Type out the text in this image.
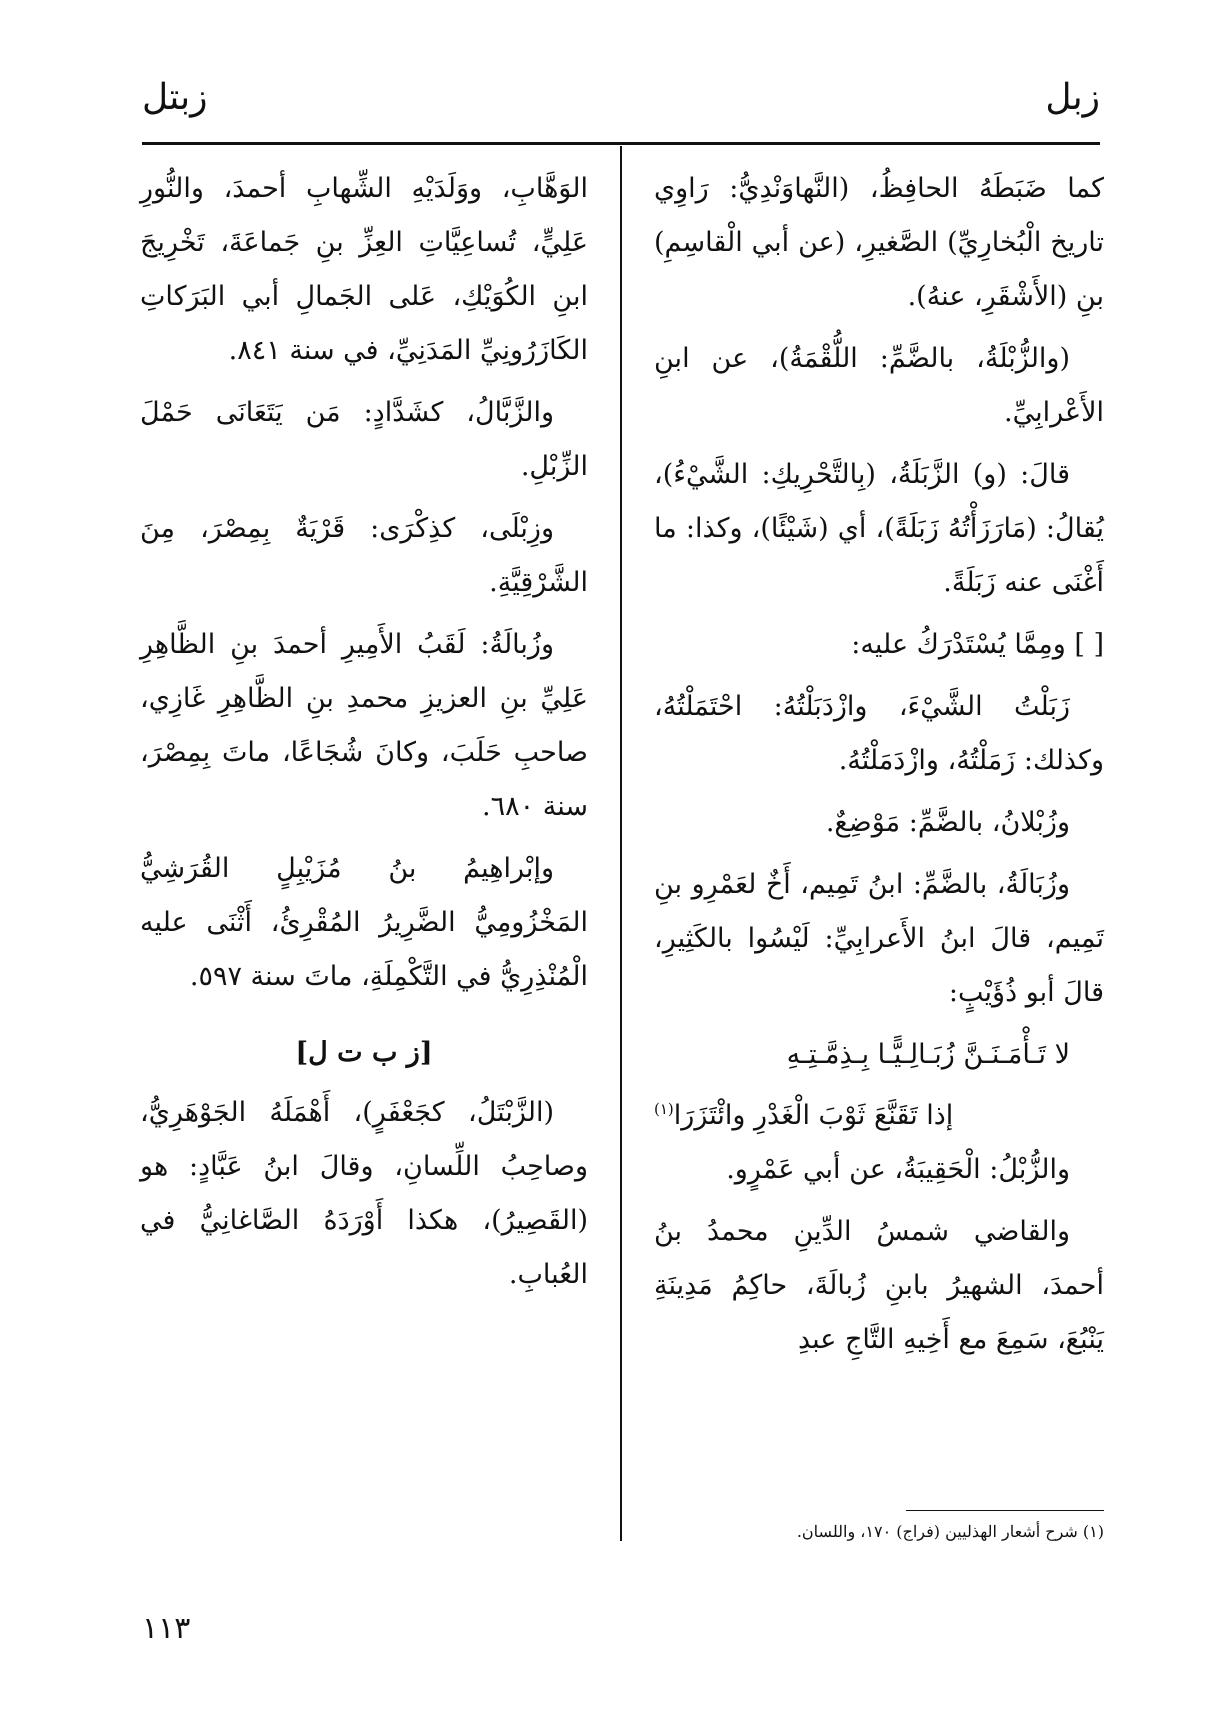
زبل
زبتل

كما ضَبَطَهُ الحافِظُ، (النَّهاوَنْدِيُّ: رَاوِي تاريخ الْبُخارِيِّ) الصَّغيرِ، (عن أبي الْقاسِمِ) بنِ (الأَشْقَرِ، عنهُ).

(والزُّبْلَةُ، بالضَّمِّ: اللُّقْمَةُ)، عن ابنِ الأَعْرابِيِّ.

قالَ: (و) الزَّبَلَةُ، (بِالتَّحْرِيكِ: الشَّيْءُ)، يُقالُ: (مَارَزَأْتُهُ زَبَلَةً)، أي (شَيْئًا)، وكذا: ما أَغْنَى عنه زَبَلَةً.

[ ] ومِمَّا يُسْتَدْرَكُ عليه:

زَبَلْتُ الشَّيْءَ، وازْدَبَلْتُهُ: احْتَمَلْتُهُ، وكذلك: زَمَلْتُهُ، وازْدَمَلْتُهُ.

وزُبْلانُ، بالضَّمِّ: مَوْضِعٌ.

وزُبَالَةُ، بالضَّمِّ: ابنُ تَمِيم، أَخٌ لعَمْرِو بنِ تَمِيم، قالَ ابنُ الأَعرابِيِّ: لَيْسُوا بالكَثِيرِ، قالَ أبو ذُؤَيْبٍ:

لا تَـأْمَـنَـنَّ زُبَـالِـيًّـا بِـذِمَّـتِـهِ

إذا تَقَنَّعَ ثَوْبَ الْغَدْرِ وائْتَزَرَا$^{(١)}$

والزُّبْلُ: الْحَقِيبَةُ، عن أبي عَمْرٍو.

والقاضي شمسُ الدِّينِ محمدُ بنُ أحمدَ، الشهيرُ بابنِ زُبالَةَ، حاكِمُ مَدِينَةِ يَنْبُعَ، سَمِعَ مع أَخِيهِ التَّاجِ عبدِ

الوَهَّابِ، ووَلَدَيْهِ الشِّهابِ أحمدَ، والنُّورِ عَلِيٍّ، تُساعِيَّاتِ العِزِّ بنِ جَماعَةَ، تَخْرِيجَ ابنِ الكُوَيْكِ، عَلى الجَمالِ أبي البَرَكاتِ الكَازَرُونِيِّ المَدَنِيِّ، في سنة ٨٤١.

والزَّبَّالُ، كشَدَّادٍ: مَن يَتَعَانَى حَمْلَ الزِّبْلِ.

وزِبْلَى، كذِكْرَى: قَرْيَةٌ بِمِصْرَ، مِنَ الشَّرْقِيَّةِ.

وزُبالَةُ: لَقَبُ الأَمِيرِ أحمدَ بنِ الظَّاهِرِ عَلِيِّ بنِ العزيزِ محمدِ بنِ الظَّاهِرِ غَازِي، صاحبِ حَلَبَ، وكانَ شُجَاعًا، ماتَ بِمِصْرَ، سنة ٦٨٠.

وإبْراهِيمُ بنُ مُزَيْبِلٍ القُرَشِيُّ المَخْزُومِيُّ الضَّرِيرُ المُقْرِئُ، أَثْنَى عليه الْمُنْذِرِيُّ في التَّكْمِلَةِ، ماتَ سنة ٥٩٧.

[ز ب ت ل]

(الزَّبْتَلُ، كجَعْفَرٍ)، أَهْمَلَهُ الجَوْهَرِيُّ، وصاحِبُ اللِّسانِ، وقالَ ابنُ عَبَّادٍ: هو (القَصِيرُ)، هكذا أَوْرَدَهُ الصَّاغانِيُّ في العُبابِ.

(١) شرح أشعار الهذليين (فراج) ١٧٠، واللسان.
١١٣
